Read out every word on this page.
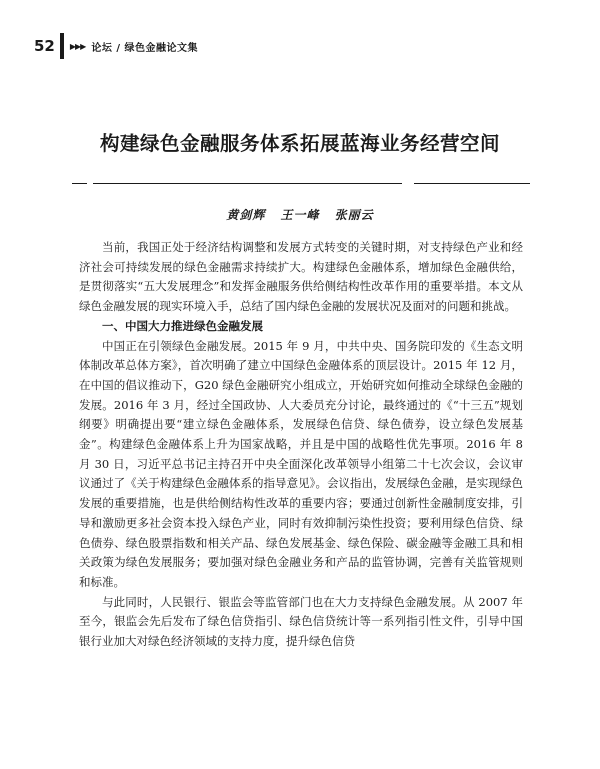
52 ▶▶▶ 论坛 / 绿色金融论文集
构建绿色金融服务体系拓展蓝海业务经营空间
黄剑辉 王一峰 张丽云

当前，我国正处于经济结构调整和发展方式转变的关键时期，对支持绿色产业和经济社会可持续发展的绿色金融需求持续扩大。构建绿色金融体系，增加绿色金融供给，是贯彻落实“五大发展理念”和发挥金融服务供给侧结构性改革作用的重要举措。本文从绿色金融发展的现实环境入手，总结了国内绿色金融的发展状况及面对的问题和挑战。

一、中国大力推进绿色金融发展

中国正在引领绿色金融发展。2015 年 9 月，中共中央、国务院印发的《生态文明体制改革总体方案》，首次明确了建立中国绿色金融体系的顶层设计。2015 年 12 月，在中国的倡议推动下，G20 绿色金融研究小组成立，开始研究如何推动全球绿色金融的发展。2016 年 3 月，经过全国政协、人大委员充分讨论，最终通过的《“十三五”规划纲要》明确提出要“建立绿色金融体系，发展绿色信贷、绿色债券，设立绿色发展基金”。构建绿色金融体系上升为国家战略，并且是中国的战略性优先事项。2016 年 8 月 30 日，习近平总书记主持召开中央全面深化改革领导小组第二十七次会议，会议审议通过了《关于构建绿色金融体系的指导意见》。会议指出，发展绿色金融，是实现绿色发展的重要措施，也是供给侧结构性改革的重要内容；要通过创新性金融制度安排，引导和激励更多社会资本投入绿色产业，同时有效抑制污染性投资；要利用绿色信贷、绿色债券、绿色股票指数和相关产品、绿色发展基金、绿色保险、碳金融等金融工具和相关政策为绿色发展服务；要加强对绿色金融业务和产品的监管协调，完善有关监管规则和标准。

与此同时，人民银行、银监会等监管部门也在大力支持绿色金融发展。从 2007 年至今，银监会先后发布了绿色信贷指引、绿色信贷统计等一系列指引性文件，引导中国银行业加大对绿色经济领域的支持力度，提升绿色信贷
